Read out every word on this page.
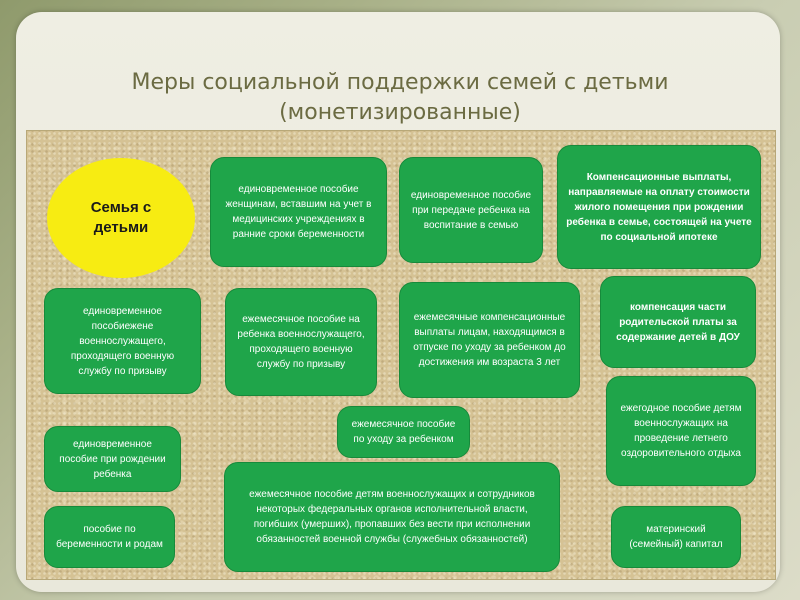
Меры социальной поддержки семей с детьми
(монетизированные)
Семья с
детьми
единовременное пособие женщинам, вставшим на учет в медицинских учреждениях в ранние сроки беременности
единовременное пособие при передаче ребенка на воспитание в семью
Компенсационные выплаты, направляемые на оплату стоимости жилого помещения при рождении ребенка в семье, состоящей на учете по социальной ипотеке
единовременное пособиежене военнослужащего, проходящего военную службу по призыву
ежемесячное пособие на ребенка военнослужащего, проходящего военную службу по призыву
ежемесячные компенсационные выплаты лицам, находящимся в отпуске по уходу за ребенком до достижения им возраста 3 лет
компенсация части родительской платы за содержание детей в ДОУ
ежемесячное пособие по уходу за ребенком
ежегодное пособие детям военнослужащих на проведение летнего оздоровительного отдыха
единовременное пособие при рождении ребенка
ежемесячное пособие детям военнослужащих и сотрудников некоторых федеральных органов исполнительной власти, погибших (умерших), пропавших без вести при исполнении обязанностей военной службы (служебных обязанностей)
пособие по беременности и родам
материнский (семейный) капитал
